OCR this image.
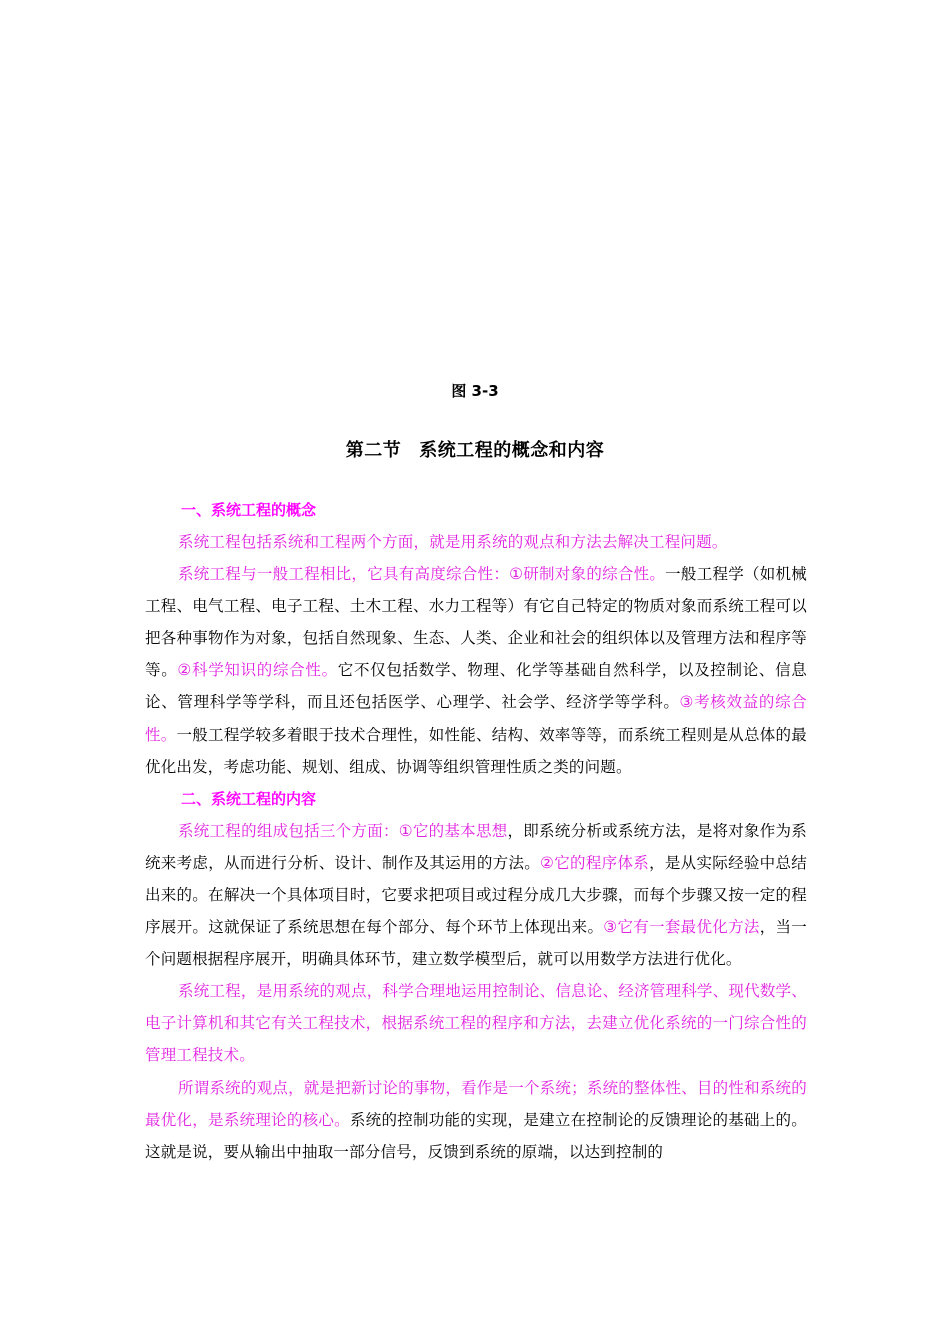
图 3-3
第二节 系统工程的概念和内容

一、系统工程的概念

系统工程包括系统和工程两个方面，就是用系统的观点和方法去解决工程问题。

系统工程与一般工程相比，它具有高度综合性：①研制对象的综合性。一般工程学（如机械工程、电气工程、电子工程、土木工程、水力工程等）有它自己特定的物质对象而系统工程可以把各种事物作为对象，包括自然现象、生态、人类、企业和社会的组织体以及管理方法和程序等等。②科学知识的综合性。它不仅包括数学、物理、化学等基础自然科学，以及控制论、信息论、管理科学等学科，而且还包括医学、心理学、社会学、经济学等学科。③考核效益的综合性。一般工程学较多着眼于技术合理性，如性能、结构、效率等等，而系统工程则是从总体的最优化出发，考虑功能、规划、组成、协调等组织管理性质之类的问题。

二、系统工程的内容

系统工程的组成包括三个方面：①它的基本思想，即系统分析或系统方法，是将对象作为系统来考虑，从而进行分析、设计、制作及其运用的方法。②它的程序体系，是从实际经验中总结出来的。在解决一个具体项目时，它要求把项目或过程分成几大步骤，而每个步骤又按一定的程序展开。这就保证了系统思想在每个部分、每个环节上体现出来。③它有一套最优化方法，当一个问题根据程序展开，明确具体环节，建立数学模型后，就可以用数学方法进行优化。

系统工程，是用系统的观点，科学合理地运用控制论、信息论、经济管理科学、现代数学、电子计算机和其它有关工程技术，根据系统工程的程序和方法，去建立优化系统的一门综合性的管理工程技术。

所谓系统的观点，就是把新讨论的事物，看作是一个系统；系统的整体性、目的性和系统的最优化，是系统理论的核心。系统的控制功能的实现，是建立在控制论的反馈理论的基础上的。这就是说，要从输出中抽取一部分信号，反馈到系统的原端，以达到控制的
